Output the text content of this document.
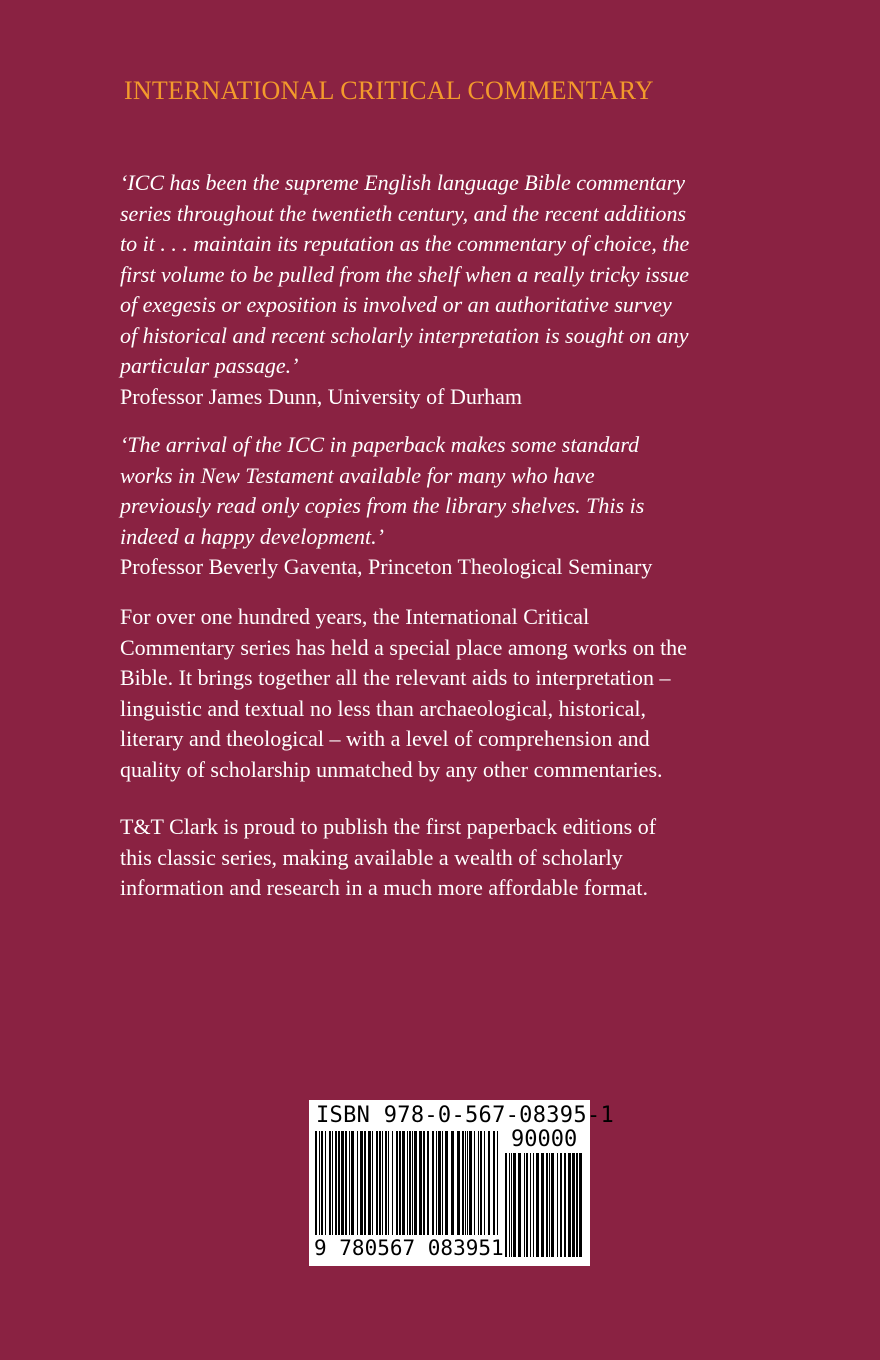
INTERNATIONAL CRITICAL COMMENTARY
‘ICC has been the supreme English language Bible commentary
series throughout the twentieth century, and the recent additions
to it . . . maintain its reputation as the commentary of choice, the
first volume to be pulled from the shelf when a really tricky issue
of exegesis or exposition is involved or an authoritative survey
of historical and recent scholarly interpretation is sought on any
particular passage.’
Professor James Dunn, University of Durham
‘The arrival of the ICC in paperback makes some standard
works in New Testament available for many who have
previously read only copies from the library shelves. This is
indeed a happy development.’
Professor Beverly Gaventa, Princeton Theological Seminary
For over one hundred years, the International Critical
Commentary series has held a special place among works on the
Bible. It brings together all the relevant aids to interpretation –
linguistic and textual no less than archaeological, historical,
literary and theological – with a level of comprehension and
quality of scholarship unmatched by any other commentaries.
T&T Clark is proud to publish the first paperback editions of
this classic series, making available a wealth of scholarly
information and research in a much more affordable format.
ISBN 978-0-567-08395-1
90000
9 780567 083951
